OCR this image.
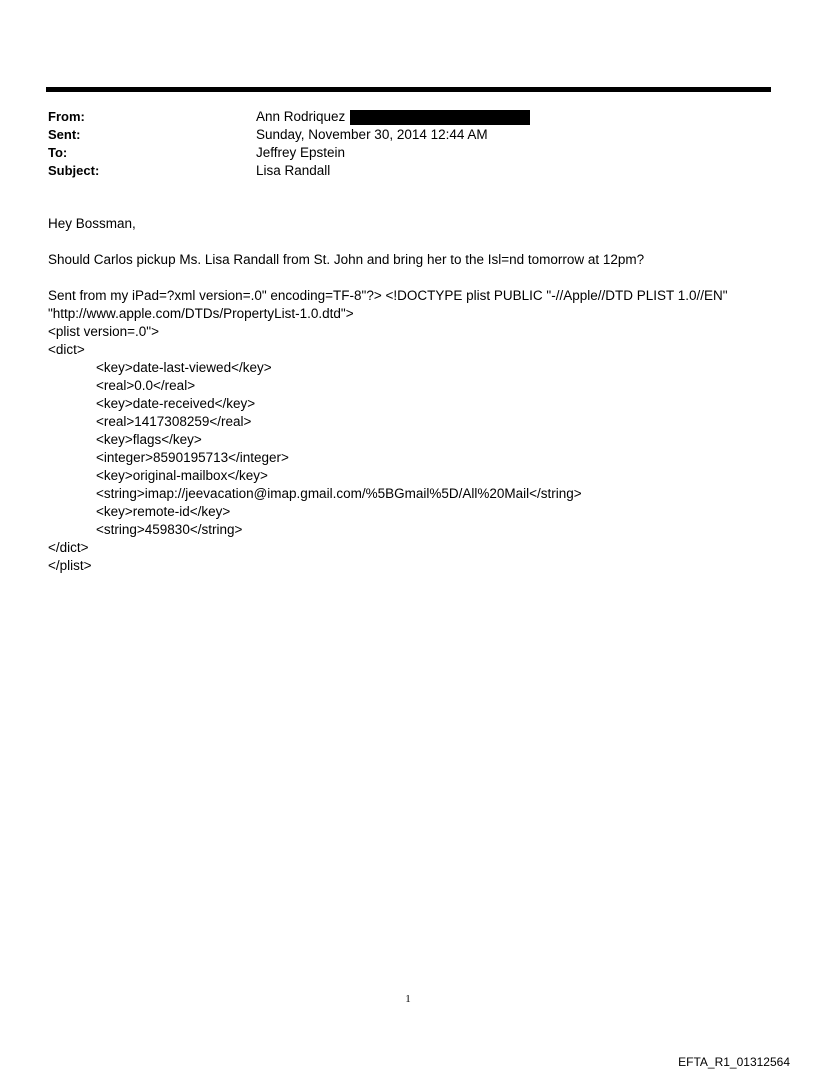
From:	Ann Rodriquez
Sent:	Sunday, November 30, 2014 12:44 AM
To:	Jeffrey Epstein
Subject:	Lisa Randall
Hey Bossman,
Should Carlos pickup Ms. Lisa Randall from St. John and bring her to the Isl=nd tomorrow at 12pm?
Sent from my iPad=?xml version=.0" encoding=TF-8"?> <!DOCTYPE plist PUBLIC "-//Apple//DTD PLIST 1.0//EN"
"http://www.apple.com/DTDs/PropertyList-1.0.dtd">
<plist version=.0">
<dict>
<key>date-last-viewed</key>
<real>0.0</real>
<key>date-received</key>
<real>1417308259</real>
<key>flags</key>
<integer>8590195713</integer>
<key>original-mailbox</key>
<string>imap://jeevacation@imap.gmail.com/%5BGmail%5D/All%20Mail</string>
<key>remote-id</key>
<string>459830</string>
</dict>
</plist>
1
EFTA_R1_01312564
